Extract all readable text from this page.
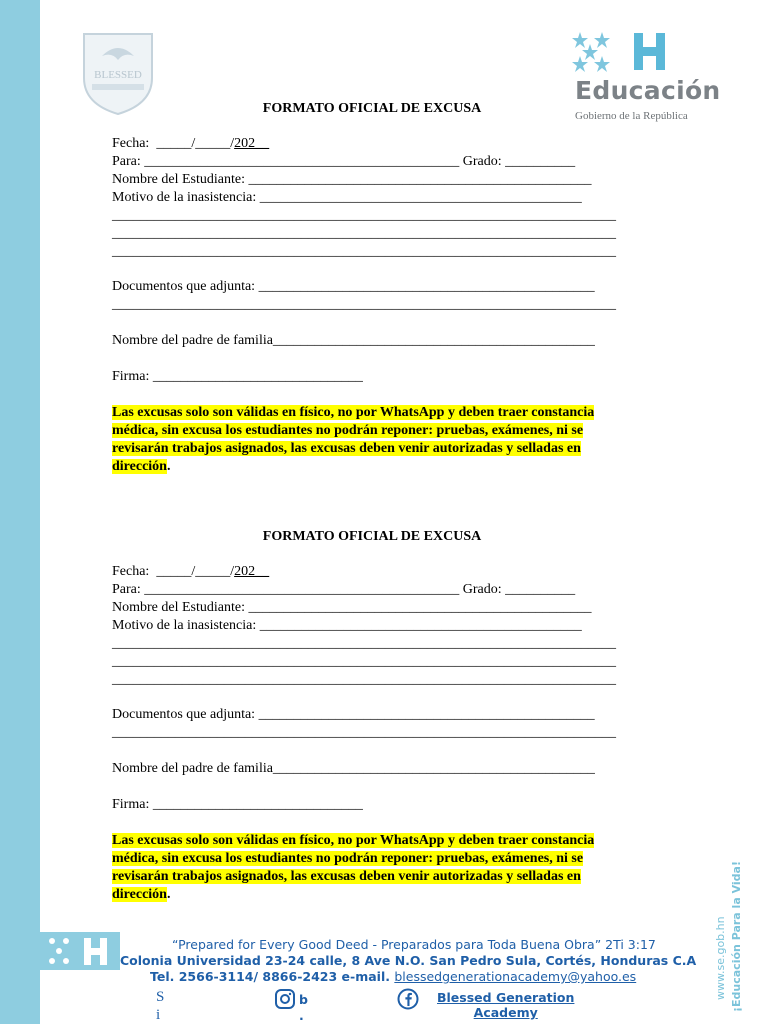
BLESSED
Educación
Gobierno de la República
FORMATO OFICIAL DE EXCUSA
Fecha: _____/_____/202__
Para: _____________________________________________ Grado: __________
Nombre del Estudiante: _________________________________________________
Motivo de la inasistencia: ______________________________________________
________________________________________________________________________
________________________________________________________________________
________________________________________________________________________
Documentos que adjunta: ________________________________________________
________________________________________________________________________
Nombre del padre de familia______________________________________________
Firma: ______________________________
Las excusas solo son válidas en físico, no por WhatsApp y deben traer constancia
médica, sin excusa los estudiantes no podrán reponer: pruebas, exámenes, ni se
revisarán trabajos asignados, las excusas deben venir autorizadas y selladas en
dirección.
FORMATO OFICIAL DE EXCUSA
Fecha: _____/_____/202__
Para: _____________________________________________ Grado: __________
Nombre del Estudiante: _________________________________________________
Motivo de la inasistencia: ______________________________________________
________________________________________________________________________
________________________________________________________________________
________________________________________________________________________
Documentos que adjunta: ________________________________________________
________________________________________________________________________
Nombre del padre de familia______________________________________________
Firma: ______________________________
Las excusas solo son válidas en físico, no por WhatsApp y deben traer constancia
médica, sin excusa los estudiantes no podrán reponer: pruebas, exámenes, ni se
revisarán trabajos asignados, las excusas deben venir autorizadas y selladas en
dirección.
“Prepared for Every Good Deed - Preparados para Toda Buena Obra” 2Ti 3:17
Colonia Universidad 23-24 calle, 8 Ave N.O. San Pedro Sula, Cortés, Honduras C.A
Tel. 2566-3114/ 8866-2423 e-mail. blessedgenerationacademy@yahoo.es
S
i
b
.
Blessed Generation
Academy
www.se.gob.hn ¡Educación Para la Vida!
